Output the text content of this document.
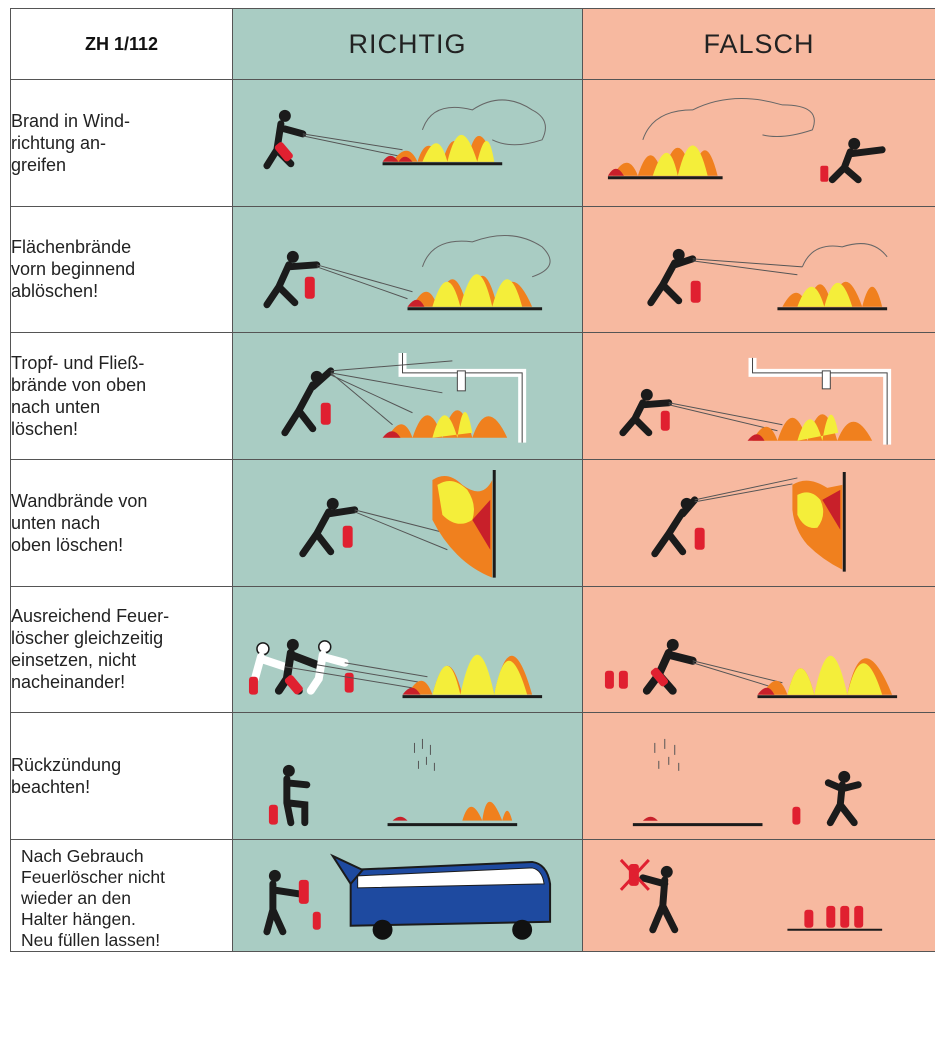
ZH 1/112	RICHTIG	FALSCH
Brand in Wind-
richtung an-
greifen	

Flächenbrände
vorn beginnend
ablöschen!	

Tropf- und Fließ-
brände von oben
nach unten
löschen!	

Wandbrände von
unten nach
oben löschen!	

Ausreichend Feuer-
löscher gleichzeitig
einsetzen, nicht
nacheinander!	

Rückzündung
beachten!	

Nach Gebrauch
Feuerlöscher nicht
wieder an den
Halter hängen.
Neu füllen lassen!	
